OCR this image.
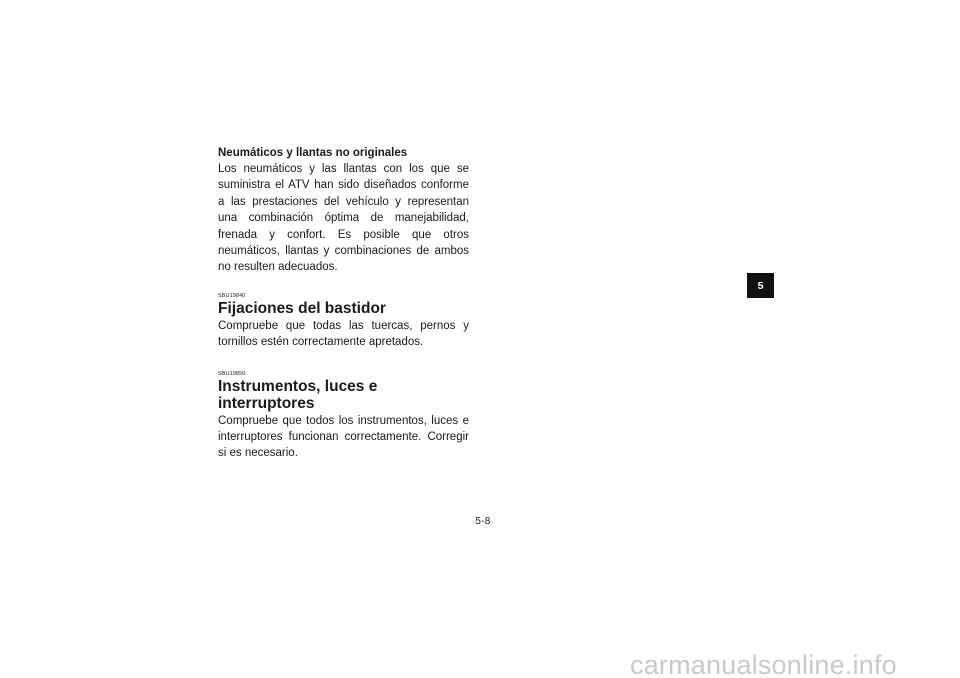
Neumáticos y llantas no originales

Los neumáticos y las llantas con los que se suministra el ATV han sido diseñados conforme a las prestaciones del vehículo y representan una combinación óptima de manejabilidad, frenada y confort. Es posible que otros neumáticos, llantas y combinaciones de ambos no resulten adecuados.

SBU19840

Fijaciones del bastidor

Compruebe que todas las tuercas, pernos y tornillos estén correctamente apretados.

SBU19850

Instrumentos, luces e interruptores

Compruebe que todos los instrumentos, luces e interruptores funcionan correctamente. Corregir si es necesario.

5
5-8
carmanualsonline.info
